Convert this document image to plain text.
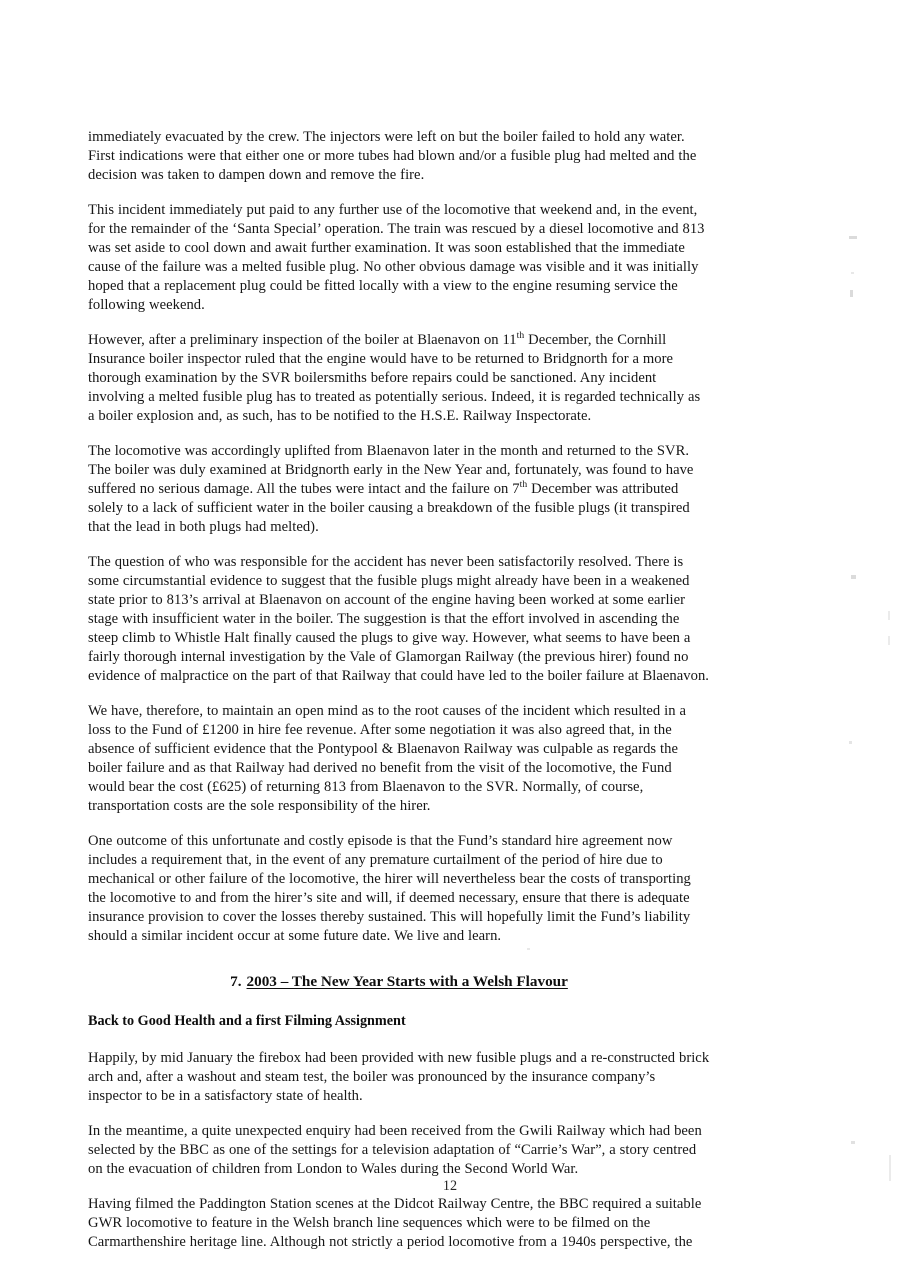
immediately evacuated by the crew. The injectors were left on but the boiler failed to hold any water. First indications were that either one or more tubes had blown and/or a fusible plug had melted and the decision was taken to dampen down and remove the fire.

This incident immediately put paid to any further use of the locomotive that weekend and, in the event, for the remainder of the ‘Santa Special’ operation. The train was rescued by a diesel locomotive and 813 was set aside to cool down and await further examination. It was soon established that the immediate cause of the failure was a melted fusible plug. No other obvious damage was visible and it was initially hoped that a replacement plug could be fitted locally with a view to the engine resuming service the following weekend.

However, after a preliminary inspection of the boiler at Blaenavon on 11th December, the Cornhill Insurance boiler inspector ruled that the engine would have to be returned to Bridgnorth for a more thorough examination by the SVR boilersmiths before repairs could be sanctioned. Any incident involving a melted fusible plug has to treated as potentially serious. Indeed, it is regarded technically as a boiler explosion and, as such, has to be notified to the H.S.E. Railway Inspectorate.

The locomotive was accordingly uplifted from Blaenavon later in the month and returned to the SVR. The boiler was duly examined at Bridgnorth early in the New Year and, fortunately, was found to have suffered no serious damage. All the tubes were intact and the failure on 7th December was attributed solely to a lack of sufficient water in the boiler causing a breakdown of the fusible plugs (it transpired that the lead in both plugs had melted).

The question of who was responsible for the accident has never been satisfactorily resolved. There is some circumstantial evidence to suggest that the fusible plugs might already have been in a weakened state prior to 813’s arrival at Blaenavon on account of the engine having been worked at some earlier stage with insufficient water in the boiler. The suggestion is that the effort involved in ascending the steep climb to Whistle Halt finally caused the plugs to give way. However, what seems to have been a fairly thorough internal investigation by the Vale of Glamorgan Railway (the previous hirer) found no evidence of malpractice on the part of that Railway that could have led to the boiler failure at Blaenavon.

We have, therefore, to maintain an open mind as to the root causes of the incident which resulted in a loss to the Fund of £1200 in hire fee revenue. After some negotiation it was also agreed that, in the absence of sufficient evidence that the Pontypool & Blaenavon Railway was culpable as regards the boiler failure and as that Railway had derived no benefit from the visit of the locomotive, the Fund would bear the cost (£625) of returning 813 from Blaenavon to the SVR. Normally, of course, transportation costs are the sole responsibility of the hirer.

One outcome of this unfortunate and costly episode is that the Fund’s standard hire agreement now includes a requirement that, in the event of any premature curtailment of the period of hire due to mechanical or other failure of the locomotive, the hirer will nevertheless bear the costs of transporting the locomotive to and from the hirer’s site and will, if deemed necessary, ensure that there is adequate insurance provision to cover the losses thereby sustained. This will hopefully limit the Fund’s liability should a similar incident occur at some future date. We live and learn.

7. 2003 – The New Year Starts with a Welsh Flavour
Back to Good Health and a first Filming Assignment

Happily, by mid January the firebox had been provided with new fusible plugs and a re-constructed brick arch and, after a washout and steam test, the boiler was pronounced by the insurance company’s inspector to be in a satisfactory state of health.

In the meantime, a quite unexpected enquiry had been received from the Gwili Railway which had been selected by the BBC as one of the settings for a television adaptation of “Carrie’s War”, a story centred on the evacuation of children from London to Wales during the Second World War.

Having filmed the Paddington Station scenes at the Didcot Railway Centre, the BBC required a suitable GWR locomotive to feature in the Welsh branch line sequences which were to be filmed on the Carmarthenshire heritage line. Although not strictly a period locomotive from a 1940s perspective, the

12
